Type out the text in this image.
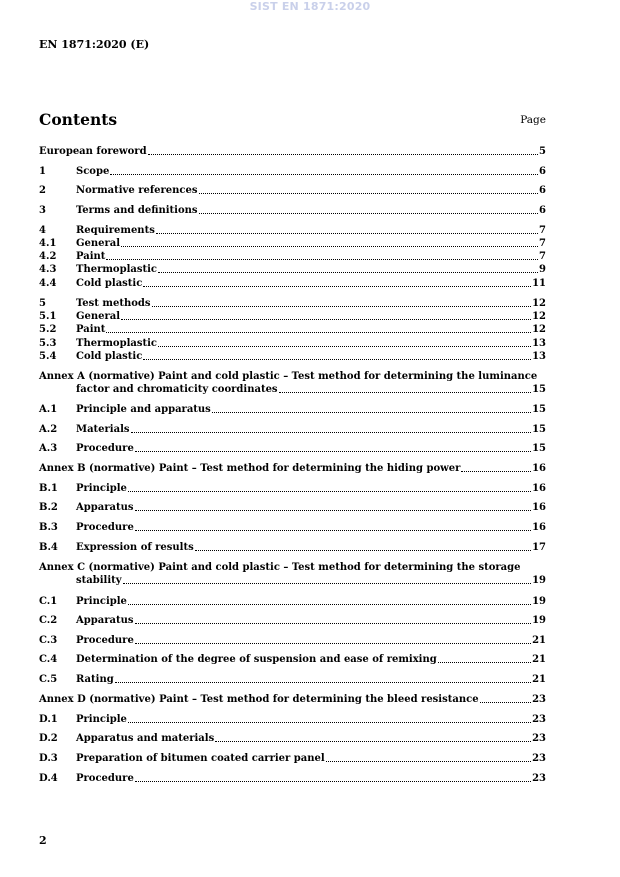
SIST EN 1871:2020
EN 1871:2020 (E)
Contents	Page
European foreword	5
1	Scope	6
2	Normative references	6
3	Terms and definitions	6
4	Requirements	7
4.1	General	7
4.2	Paint	7
4.3	Thermoplastic	9
4.4	Cold plastic	11
5	Test methods	12
5.1	General	12
5.2	Paint	12
5.3	Thermoplastic	13
5.4	Cold plastic	13
Annex A (normative) Paint and cold plastic – Test method for determining the luminance
factor and chromaticity coordinates	15
A.1	Principle and apparatus	15
A.2	Materials	15
A.3	Procedure	15
Annex B (normative) Paint – Test method for determining the hiding power	16
B.1	Principle	16
B.2	Apparatus	16
B.3	Procedure	16
B.4	Expression of results	17
Annex C (normative) Paint and cold plastic – Test method for determining the storage
stability	19
C.1	Principle	19
C.2	Apparatus	19
C.3	Procedure	21
C.4	Determination of the degree of suspension and ease of remixing	21
C.5	Rating	21
Annex D (normative) Paint – Test method for determining the bleed resistance	23
D.1	Principle	23
D.2	Apparatus and materials	23
D.3	Preparation of bitumen coated carrier panel	23
D.4	Procedure	23
2
